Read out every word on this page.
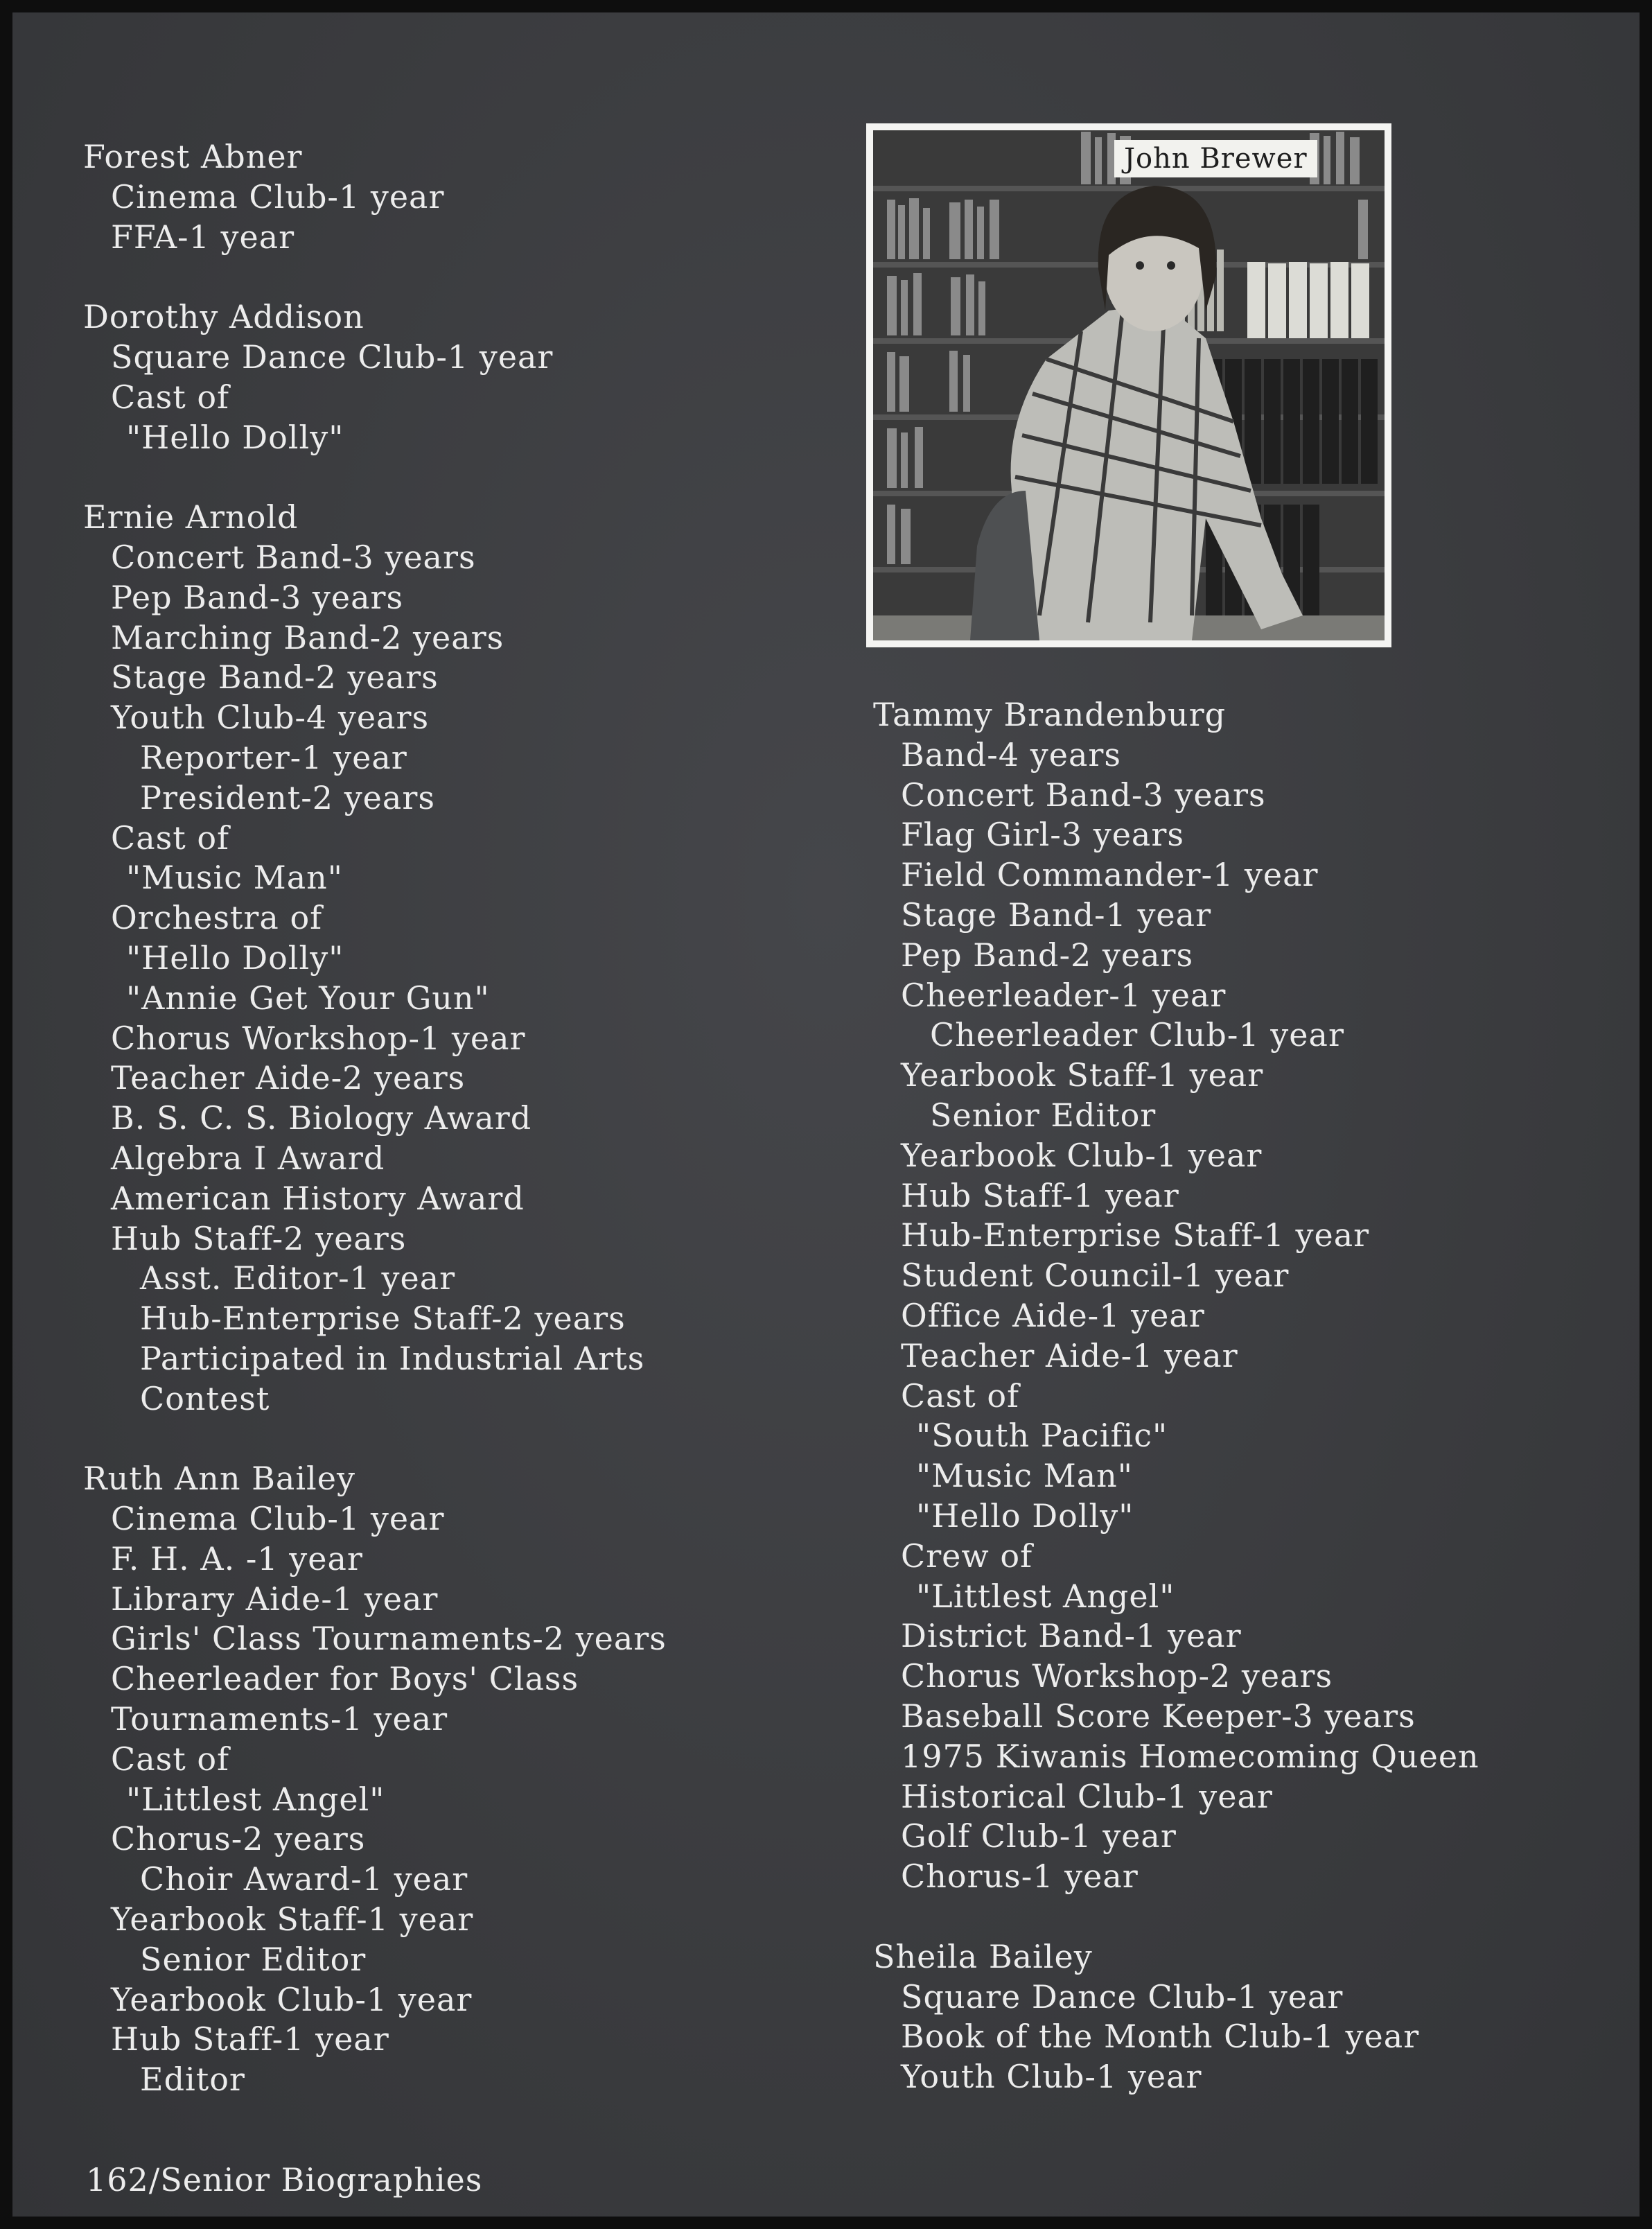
Forest Abner
Cinema Club-1 year
FFA-1 year
Dorothy Addison
Square Dance Club-1 year
Cast of
"Hello Dolly"
Ernie Arnold
Concert Band-3 years
Pep Band-3 years
Marching Band-2 years
Stage Band-2 years
Youth Club-4 years
Reporter-1 year
President-2 years
Cast of
"Music Man"
Orchestra of
"Hello Dolly"
"Annie Get Your Gun"
Chorus Workshop-1 year
Teacher Aide-2 years
B. S. C. S. Biology Award
Algebra I Award
American History Award
Hub Staff-2 years
Asst. Editor-1 year
Hub-Enterprise Staff-2 years
Participated in Industrial Arts
Contest
Ruth Ann Bailey
Cinema Club-1 year
F. H. A. -1 year
Library Aide-1 year
Girls' Class Tournaments-2 years
Cheerleader for Boys' Class
Tournaments-1 year
Cast of
"Littlest Angel"
Chorus-2 years
Choir Award-1 year
Yearbook Staff-1 year
Senior Editor
Yearbook Club-1 year
Hub Staff-1 year
Editor
John Brewer
Tammy Brandenburg
Band-4 years
Concert Band-3 years
Flag Girl-3 years
Field Commander-1 year
Stage Band-1 year
Pep Band-2 years
Cheerleader-1 year
Cheerleader Club-1 year
Yearbook Staff-1 year
Senior Editor
Yearbook Club-1 year
Hub Staff-1 year
Hub-Enterprise Staff-1 year
Student Council-1 year
Office Aide-1 year
Teacher Aide-1 year
Cast of
"South Pacific"
"Music Man"
"Hello Dolly"
Crew of
"Littlest Angel"
District Band-1 year
Chorus Workshop-2 years
Baseball Score Keeper-3 years
1975 Kiwanis Homecoming Queen
Historical Club-1 year
Golf Club-1 year
Chorus-1 year
Sheila Bailey
Square Dance Club-1 year
Book of the Month Club-1 year
Youth Club-1 year
162/Senior Biographies
